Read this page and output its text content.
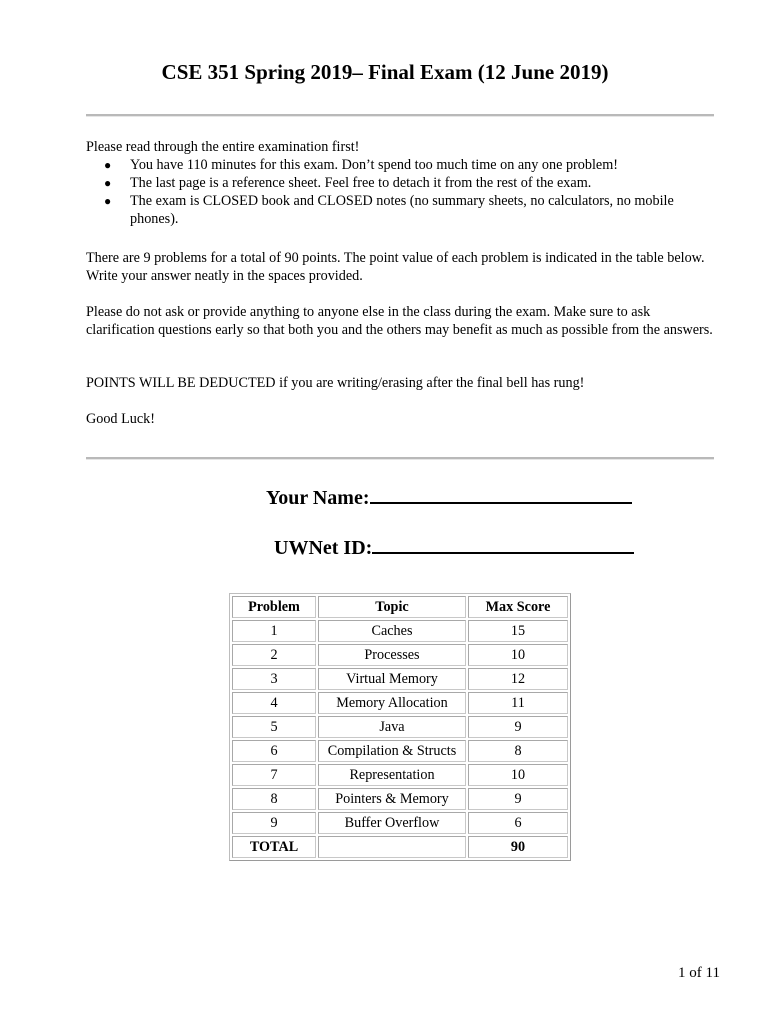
CSE 351 Spring 2019– Final Exam (12 June 2019)

Please read through the entire examination first!

● You have 110 minutes for this exam. Don’t spend too much time on any one problem!
● The last page is a reference sheet. Feel free to detach it from the rest of the exam.
● The exam is CLOSED book and CLOSED notes (no summary sheets, no calculators, no mobile phones).

There are 9 problems for a total of 90 points. The point value of each problem is indicated in the table below. Write your answer neatly in the spaces provided.

Please do not ask or provide anything to anyone else in the class during the exam. Make sure to ask clarification questions early so that both you and the others may benefit as much as possible from the answers.

POINTS WILL BE DEDUCTED if you are writing/erasing after the final bell has rung!

Good Luck!

Your Name:
UWNet ID:
Problem	Topic	Max Score
1	Caches	15
2	Processes	10
3	Virtual Memory	12
4	Memory Allocation	11
5	Java	9
6	Compilation & Structs	8
7	Representation	10
8	Pointers & Memory	9
9	Buffer Overflow	6
TOTAL		90
1 of 11
